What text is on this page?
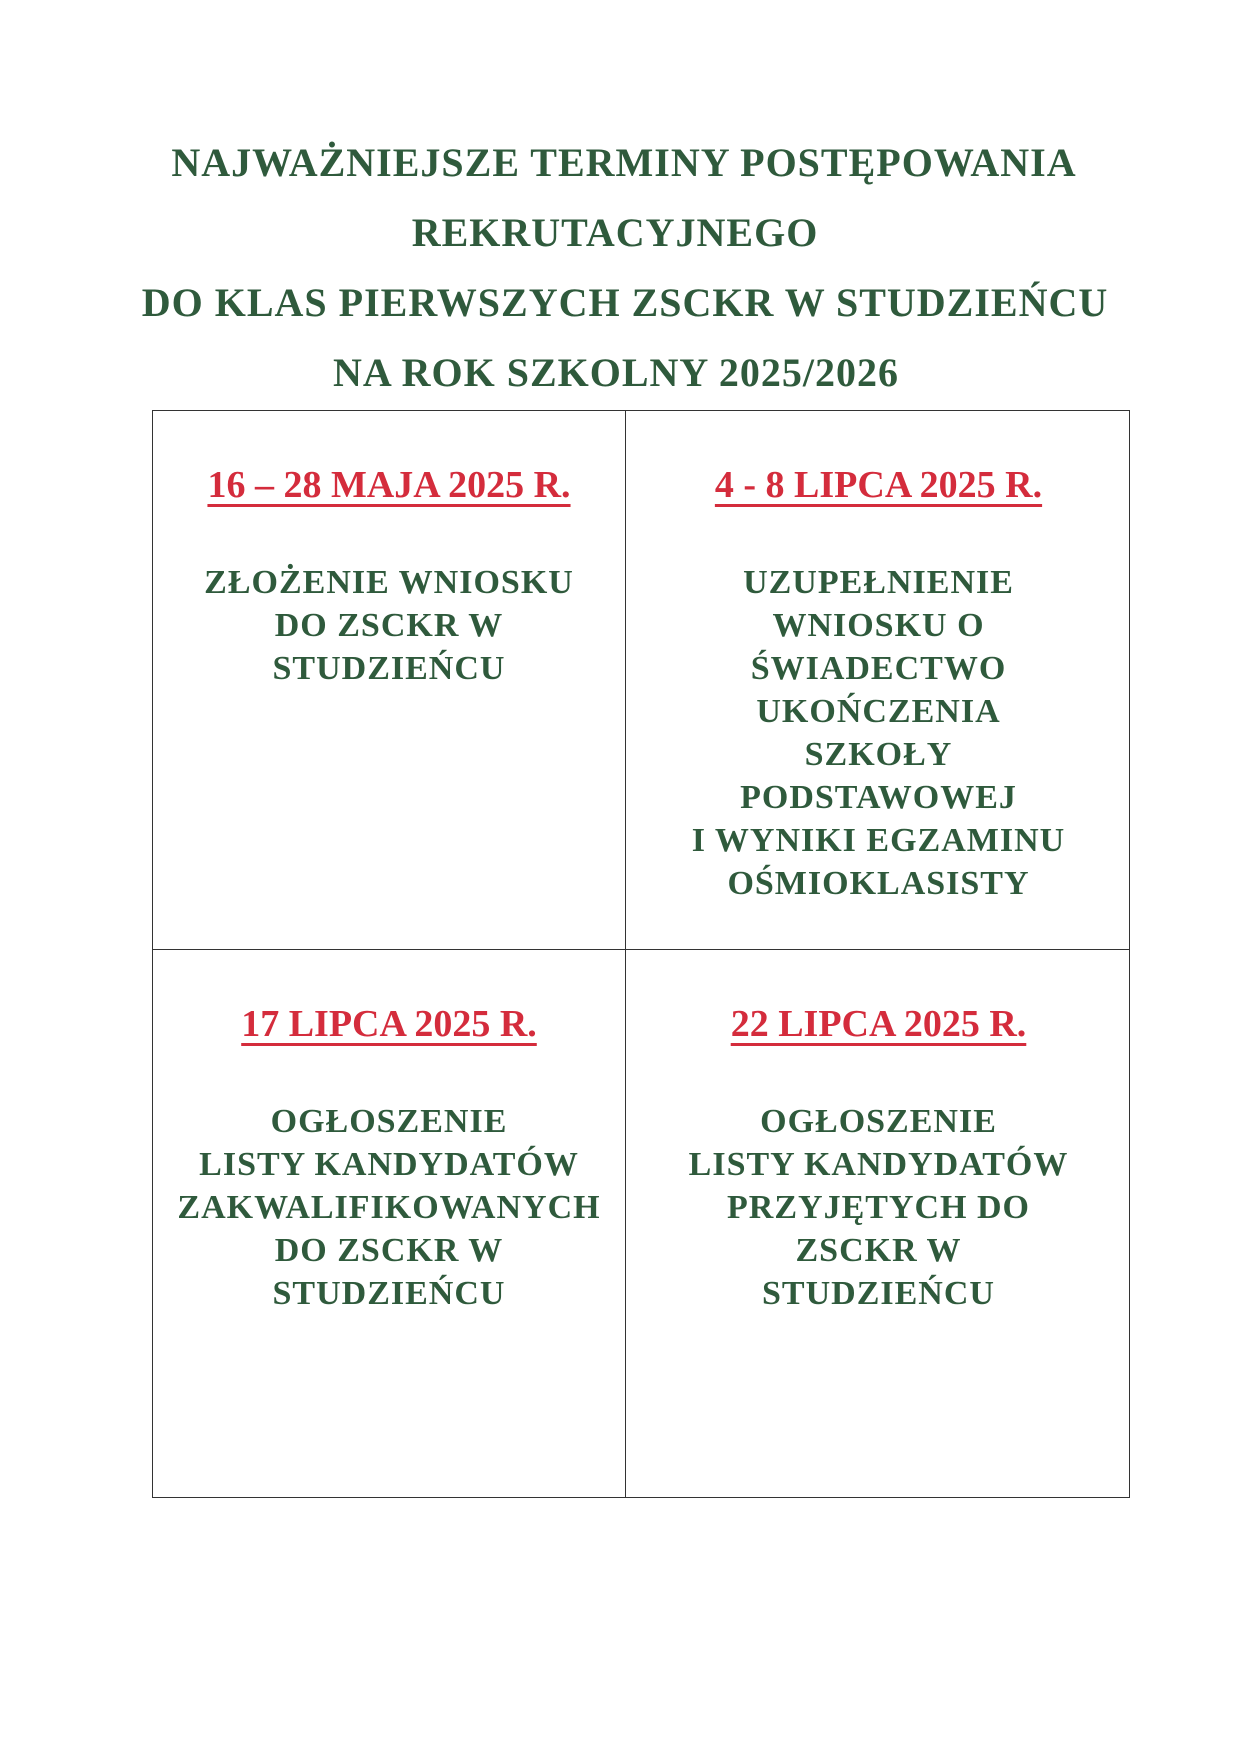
NAJWAŻNIEJSZE TERMINY POSTĘPOWANIA
REKRUTACYJNEGO
DO KLAS PIERWSZYCH ZSCKR W STUDZIEŃCU
NA ROK SZKOLNY 2025/2026
16 – 28 MAJA 2025 R.
ZŁOŻENIE WNIOSKU
DO ZSCKR W
STUDZIEŃCU
4 - 8 LIPCA 2025 R.
UZUPEŁNIENIE
WNIOSKU O
ŚWIADECTWO
UKOŃCZENIA
SZKOŁY
PODSTAWOWEJ
I WYNIKI EGZAMINU
OŚMIOKLASISTY
17 LIPCA 2025 R.
OGŁOSZENIE
LISTY KANDYDATÓW
ZAKWALIFIKOWANYCH
DO ZSCKR W
STUDZIEŃCU
22 LIPCA 2025 R.
OGŁOSZENIE
LISTY KANDYDATÓW
PRZYJĘTYCH DO
ZSCKR W
STUDZIEŃCU
